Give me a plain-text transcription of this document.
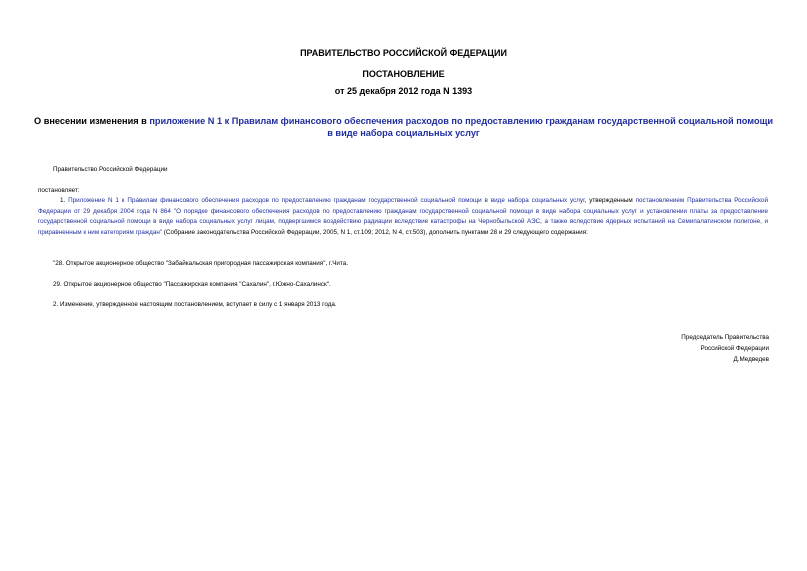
ПРАВИТЕЛЬСТВО РОССИЙСКОЙ ФЕДЕРАЦИИ
ПОСТАНОВЛЕНИЕ
от 25 декабря 2012 года N 1393
О внесении изменения в приложение N 1 к Правилам финансового обеспечения расходов по предоставлению гражданам государственной социальной помощи в виде набора социальных услуг
Правительство Российской Федерации
постановляет:
1. Приложение N 1 к Правилам финансового обеспечения расходов по предоставлению гражданам государственной социальной помощи в виде набора социальных услуг, утвержденным постановлением Правительства Российской Федерации от 29 декабря 2004 года N 864 "О порядке финансового обеспечения расходов по предоставлению гражданам государственной социальной помощи в виде набора социальных услуг и установлении платы за предоставление государственной социальной помощи в виде набора социальных услуг лицам, подвергшимся воздействию радиации вследствие катастрофы на Чернобыльской АЭС, а также вследствие ядерных испытаний на Семипалатинском полигоне, и приравненным к ним категориям граждан" (Собрание законодательства Российской Федерации, 2005, N 1, ст.109; 2012, N 4, ст.503), дополнить пунктами 28 и 29 следующего содержания:
"28. Открытое акционерное общество "Забайкальская пригородная пассажирская компания", г.Чита.
29. Открытое акционерное общество "Пассажирская компания "Сахалин", г.Южно-Сахалинск".
2. Изменение, утвержденное настоящим постановлением, вступает в силу с 1 января 2013 года.
Председатель Правительства
Российской Федерации
Д.Медведев
